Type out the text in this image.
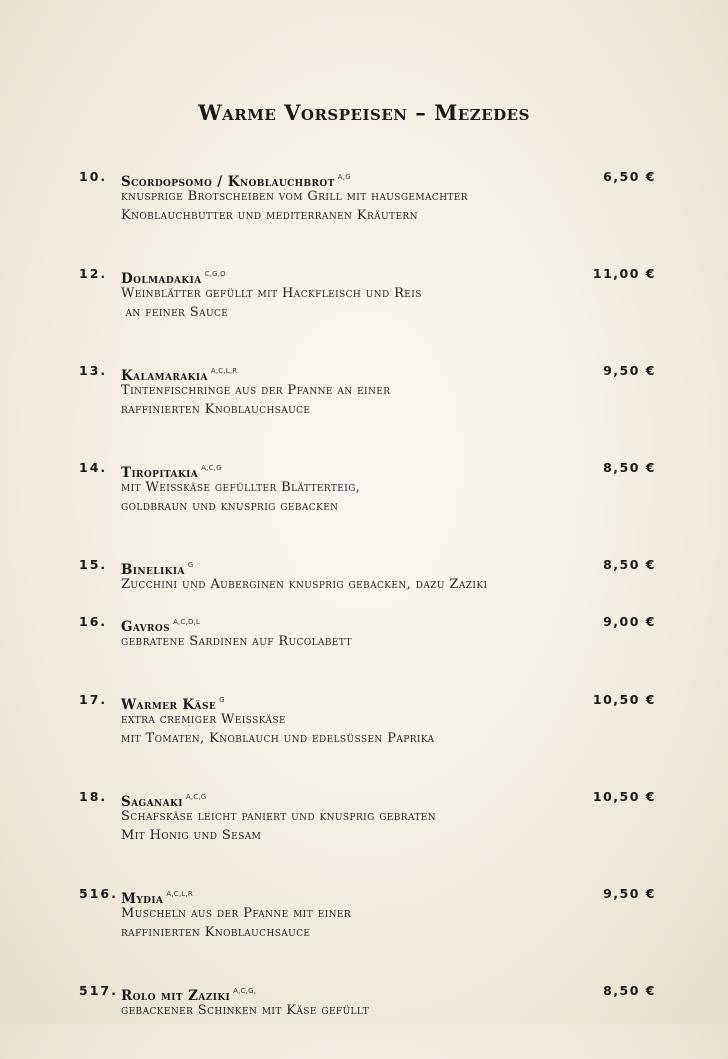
Warme Vorspeisen – Mezedes
10. Scordopsomo / Knoblauchbrot $^{A,G}$	6,50 €
knusprige Brotscheiben vom Grill mit hausgemachter
Knoblauchbutter und mediterranen Kräutern
12. Dolmadakia $^{C,G,O}$	11,00 €
Weinblätter gefüllt mit Hackfleisch und Reis
an feiner Sauce
13. Kalamarakia $^{A,C,L,R}$	9,50 €
Tintenfischringe aus der Pfanne an einer
raffinierten Knoblauchsauce
14. Tiropitakia $^{A,C,G}$	8,50 €
mit Weisskäse gefüllter Blätterteig,
goldbraun und knusprig gebacken
15. Binelikia $^G$	8,50 €
Zucchini und Auberginen knusprig gebacken, dazu Zaziki
16. Gavros $^{A,C,D,L}$	9,00 €
gebratene Sardinen auf Rucolabett
17. Warmer Käse $^G$	10,50 €
extra cremiger Weisskäse
mit Tomaten, Knoblauch und edelsüssen Paprika
18. Saganaki $^{A,C,G}$	10,50 €
Schafskäse leicht paniert und knusprig gebraten
Mit Honig und Sesam
516. Mydia $^{A,C,L,R}$	9,50 €
Muscheln aus der Pfanne mit einer
raffinierten Knoblauchsauce
517. Rolo mit Zaziki $^{A,C,G,}$	8,50 €
gebackener Schinken mit Käse gefüllt
